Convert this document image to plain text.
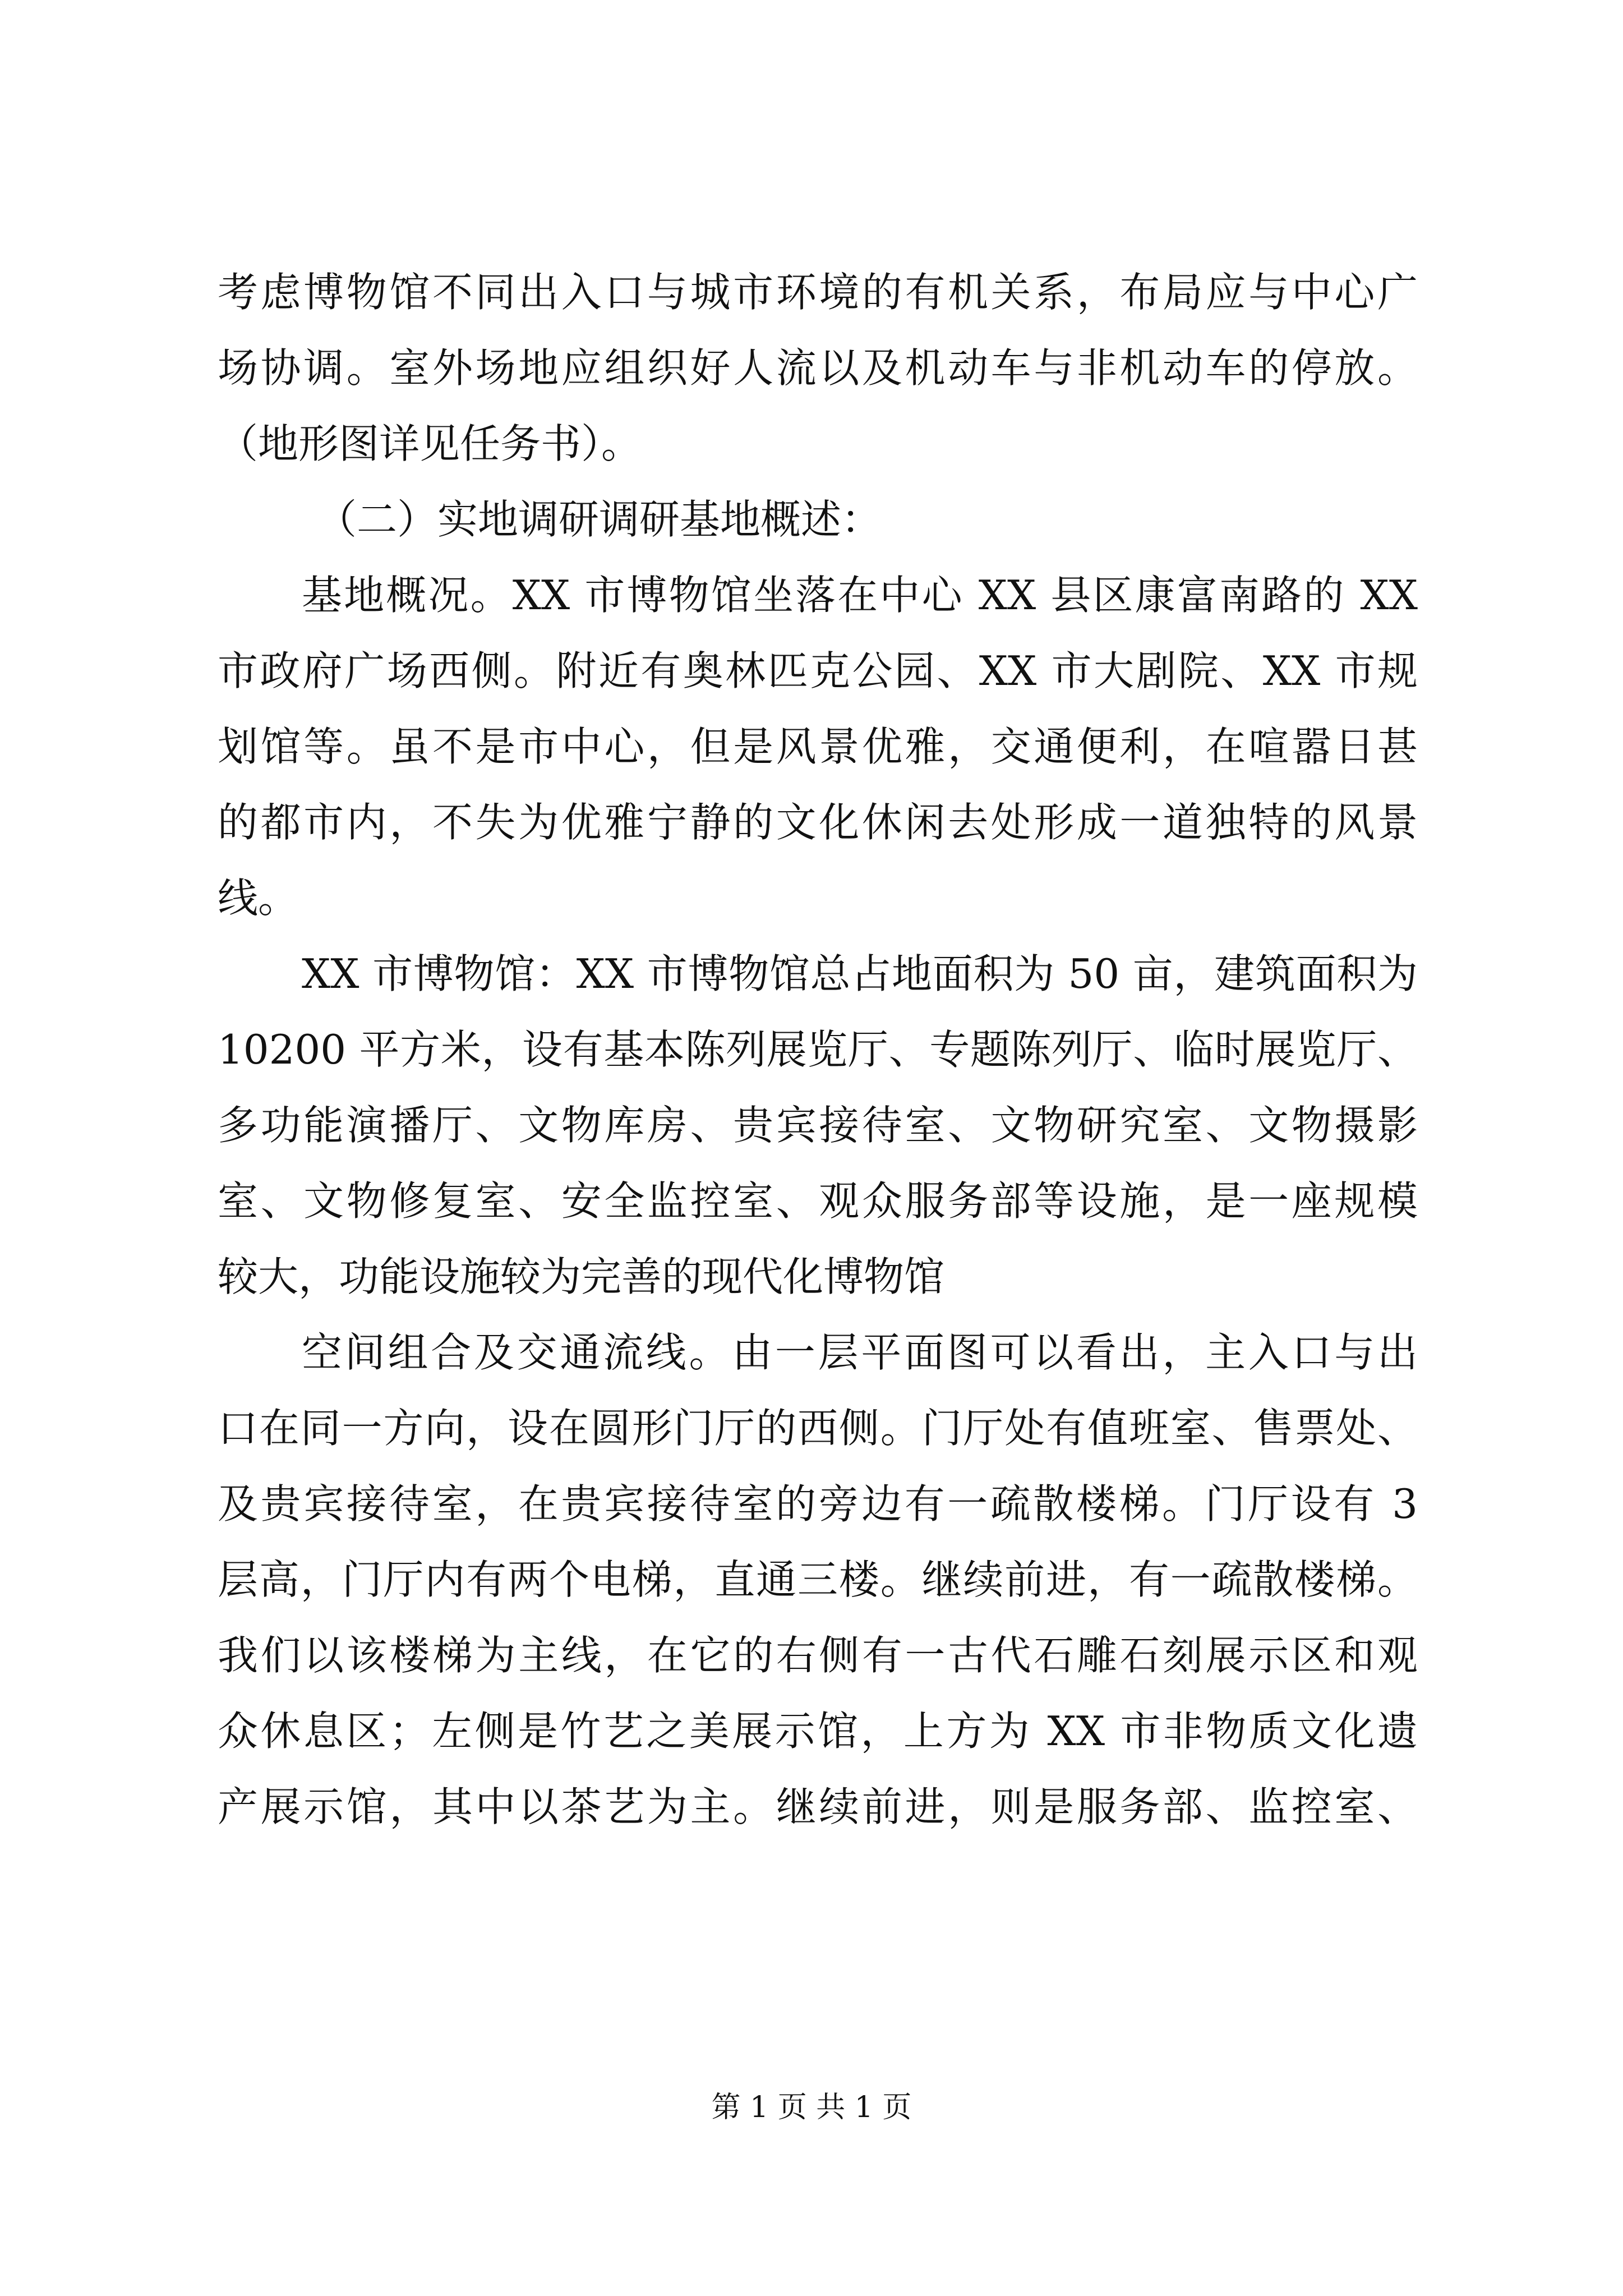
考虑博物馆不同出入口与城市环境的有机关系，布局应与中心广
场协调。室外场地应组织好人流以及机动车与非机动车的停放。
（地形图详见任务书）。
（二）实地调研调研基地概述：
基地概况。XX 市博物馆坐落在中心 XX 县区康富南路的 XX
市政府广场西侧。附近有奥林匹克公园、XX 市大剧院、XX 市规
划馆等。虽不是市中心，但是风景优雅，交通便利，在喧嚣日甚
的都市内，不失为优雅宁静的文化休闲去处形成一道独特的风景
线。
XX 市博物馆：XX 市博物馆总占地面积为 50 亩，建筑面积为
10200 平方米，设有基本陈列展览厅、专题陈列厅、临时展览厅、
多功能演播厅、文物库房、贵宾接待室、文物研究室、文物摄影
室、文物修复室、安全监控室、观众服务部等设施，是一座规模
较大，功能设施较为完善的现代化博物馆
空间组合及交通流线。由一层平面图可以看出，主入口与出
口在同一方向，设在圆形门厅的西侧。门厅处有值班室、售票处、
及贵宾接待室，在贵宾接待室的旁边有一疏散楼梯。门厅设有 3
层高，门厅内有两个电梯，直通三楼。继续前进，有一疏散楼梯。
我们以该楼梯为主线，在它的右侧有一古代石雕石刻展示区和观
众休息区；左侧是竹艺之美展示馆，上方为 XX 市非物质文化遗
产展示馆，其中以茶艺为主。继续前进，则是服务部、监控室、
第 1 页 共 1 页
